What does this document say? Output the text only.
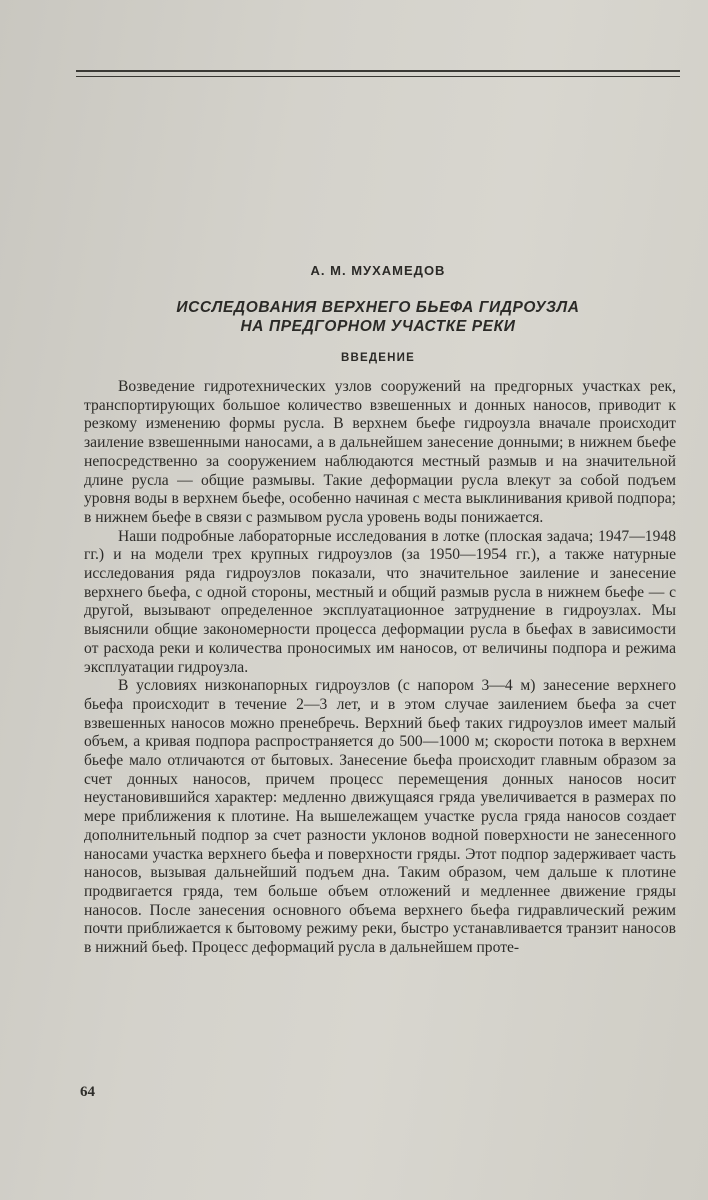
А. М. МУХАМЕДОВ
ИССЛЕДОВАНИЯ ВЕРХНЕГО БЬЕФА ГИДРОУЗЛА
НА ПРЕДГОРНОМ УЧАСТКЕ РЕКИ
ВВЕДЕНИЕ

Возведение гидротехнических узлов сооружений на предгорных участках рек, транспортирующих большое количество взвешенных и донных наносов, приводит к резкому изменению формы русла. В верхнем бьефе гидроузла вначале происходит заиление взвешенными наносами, а в дальнейшем занесение донными; в нижнем бьефе непосредственно за сооружением наблюдаются местный размыв и на значительной длине русла — общие размывы. Такие деформации русла влекут за собой подъем уровня воды в верхнем бьефе, особенно начиная с места выклинивания кривой подпора; в нижнем бьефе в связи с размывом русла уровень воды понижается.

Наши подробные лабораторные исследования в лотке (плоская задача; 1947—1948 гг.) и на модели трех крупных гидроузлов (за 1950—1954 гг.), а также натурные исследования ряда гидроузлов показали, что значительное заиление и занесение верхнего бьефа, с одной стороны, местный и общий размыв русла в нижнем бьефе — с другой, вызывают определенное эксплуатационное затруднение в гидроузлах. Мы выяснили общие закономерности процесса деформации русла в бьефах в зависимости от расхода реки и количества проносимых им наносов, от величины подпора и режима эксплуатации гидроузла.

В условиях низконапорных гидроузлов (с напором 3—4 м) занесение верхнего бьефа происходит в течение 2—3 лет, и в этом случае заилением бьефа за счет взвешенных наносов можно пренебречь. Верхний бьеф таких гидроузлов имеет малый объем, а кривая подпора распространяется до 500—1000 м; скорости потока в верхнем бьефе мало отличаются от бытовых. Занесение бьефа происходит главным образом за счет донных наносов, причем процесс перемещения донных наносов носит неустановившийся характер: медленно движущаяся гряда увеличивается в размерах по мере приближения к плотине. На вышележащем участке русла гряда наносов создает дополнительный подпор за счет разности уклонов водной поверхности не занесенного наносами участка верхнего бьефа и поверхности гряды. Этот подпор задерживает часть наносов, вызывая дальнейший подъем дна. Таким образом, чем дальше к плотине продвигается гряда, тем больше объем отложений и медленнее движение гряды наносов. После занесения основного объема верхнего бьефа гидравлический режим почти приближается к бытовому режиму реки, быстро устанавливается транзит наносов в нижний бьеф. Процесс деформаций русла в дальнейшем проте-

64
